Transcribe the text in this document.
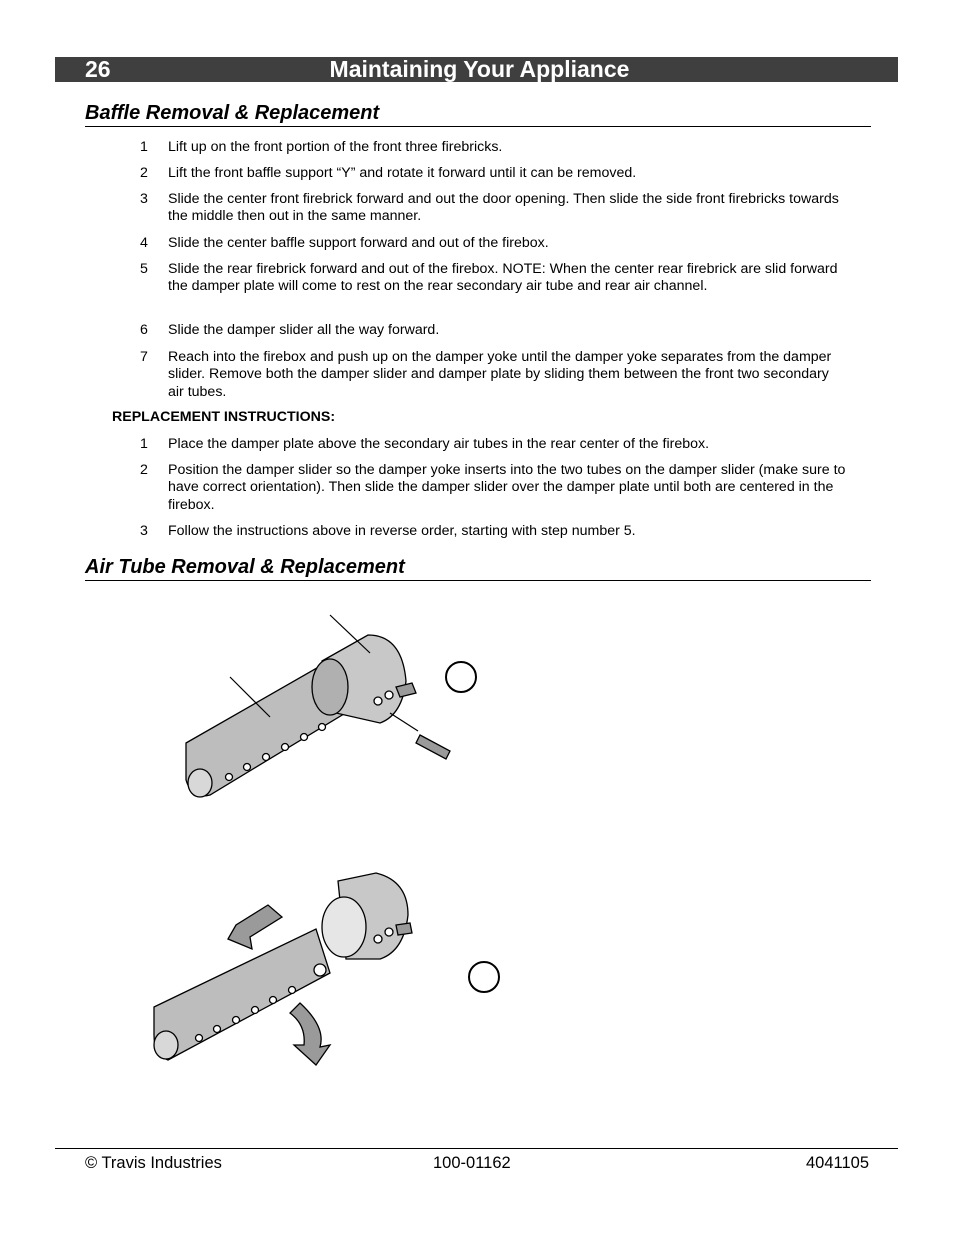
26	Maintaining Your Appliance
Baffle Removal & Replacement
1 Lift up on the front portion of the front three firebricks.
2 Lift the front baffle support “Y” and rotate it forward until it can be removed.
3 Slide the center front firebrick forward and out the door opening. Then slide the side front firebricks towards the middle then out in the same manner.
4 Slide the center baffle support forward and out of the firebox.
5 Slide the rear firebrick forward and out of the firebox. NOTE: When the center rear firebrick are slid forward the damper plate will come to rest on the rear secondary air tube and rear air channel.
6 Slide the damper slider all the way forward.
7 Reach into the firebox and push up on the damper yoke until the damper yoke separates from the damper slider. Remove both the damper slider and damper plate by sliding them between the front two secondary air tubes.
REPLACEMENT INSTRUCTIONS:
1 Place the damper plate above the secondary air tubes in the rear center of the firebox.
2 Position the damper slider so the damper yoke inserts into the two tubes on the damper slider (make sure to have correct orientation). Then slide the damper slider over the damper plate until both are centered in the firebox.
3 Follow the instructions above in reverse order, starting with step number 5.
Air Tube Removal & Replacement
© Travis Industries	100-01162	4041105
